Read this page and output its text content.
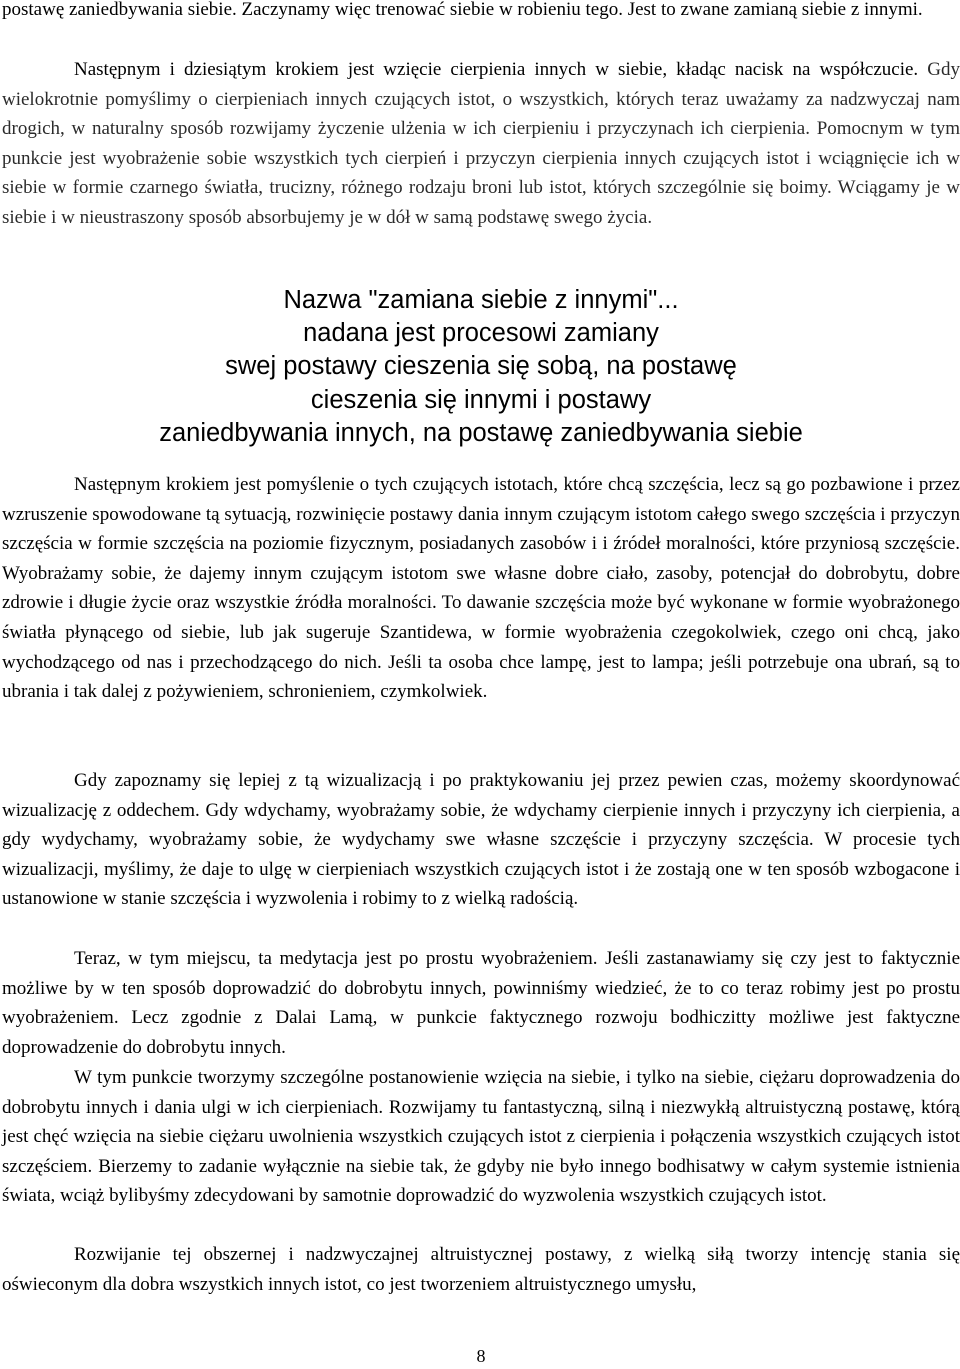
postawę zaniedbywania siebie. Zaczynamy więc trenować siebie w robieniu tego. Jest to zwane zamianą siebie z innymi.

Następnym i dziesiątym krokiem jest wzięcie cierpienia innych w siebie, kładąc nacisk na współczucie. Gdy wielokrotnie pomyślimy o cierpieniach innych czujących istot, o wszystkich, których teraz uważamy za nadzwyczaj nam drogich, w naturalny sposób rozwijamy życzenie ulżenia w ich cierpieniu i przyczynach ich cierpienia. Pomocnym w tym punkcie jest wyobrażenie sobie wszystkich tych cierpień i przyczyn cierpienia innych czujących istot i wciągnięcie ich w siebie w formie czarnego światła, trucizny, różnego rodzaju broni lub istot, których szczególnie się boimy. Wciągamy je w siebie i w nieustraszony sposób absorbujemy je w dół w samą podstawę swego życia.

Nazwa "zamiana siebie z innymi"...
nadana jest procesowi zamiany
swej postawy cieszenia się sobą, na postawę
cieszenia się innymi i postawy
zaniedbywania innych, na postawę zaniedbywania siebie

Następnym krokiem jest pomyślenie o tych czujących istotach, które chcą szczęścia, lecz są go pozbawione i przez wzruszenie spowodowane tą sytuacją, rozwinięcie postawy dania innym czującym istotom całego swego szczęścia i przyczyn szczęścia w formie szczęścia na poziomie fizycznym, posiadanych zasobów i i źródeł moralności, które przyniosą szczęście. Wyobrażamy sobie, że dajemy innym czującym istotom swe własne dobre ciało, zasoby, potencjał do dobrobytu, dobre zdrowie i długie życie oraz wszystkie źródła moralności. To dawanie szczęścia może być wykonane w formie wyobrażonego światła płynącego od siebie, lub jak sugeruje Szantidewa, w formie wyobrażenia czegokolwiek, czego oni chcą, jako wychodzącego od nas i przechodzącego do nich. Jeśli ta osoba chce lampę, jest to lampa; jeśli potrzebuje ona ubrań, są to ubrania i tak dalej z pożywieniem, schronieniem, czymkolwiek.

Gdy zapoznamy się lepiej z tą wizualizacją i po praktykowaniu jej przez pewien czas, możemy skoordynować wizualizację z oddechem. Gdy wdychamy, wyobrażamy sobie, że wdychamy cierpienie innych i przyczyny ich cierpienia, a gdy wydychamy, wyobrażamy sobie, że wydychamy swe własne szczęście i przyczyny szczęścia. W procesie tych wizualizacji, myślimy, że daje to ulgę w cierpieniach wszystkich czujących istot i że zostają one w ten sposób wzbogacone i ustanowione w stanie szczęścia i wyzwolenia i robimy to z wielką radością.

Teraz, w tym miejscu, ta medytacja jest po prostu wyobrażeniem. Jeśli zastanawiamy się czy jest to faktycznie możliwe by w ten sposób doprowadzić do dobrobytu innych, powinniśmy wiedzieć, że to co teraz robimy jest po prostu wyobrażeniem. Lecz zgodnie z Dalai Lamą, w punkcie faktycznego rozwoju bodhiczitty możliwe jest faktyczne doprowadzenie do dobrobytu innych.

W tym punkcie tworzymy szczególne postanowienie wzięcia na siebie, i tylko na siebie, ciężaru doprowadzenia do dobrobytu innych i dania ulgi w ich cierpieniach. Rozwijamy tu fantastyczną, silną i niezwykłą altruistyczną postawę, którą jest chęć wzięcia na siebie ciężaru uwolnienia wszystkich czujących istot z cierpienia i połączenia wszystkich czujących istot szczęściem. Bierzemy to zadanie wyłącznie na siebie tak, że gdyby nie było innego bodhisatwy w całym systemie istnienia świata, wciąż bylibyśmy zdecydowani by samotnie doprowadzić do wyzwolenia wszystkich czujących istot.

Rozwijanie tej obszernej i nadzwyczajnej altruistycznej postawy, z wielką siłą tworzy intencję stania się oświeconym dla dobra wszystkich innych istot, co jest tworzeniem altruistycznego umysłu,

8
